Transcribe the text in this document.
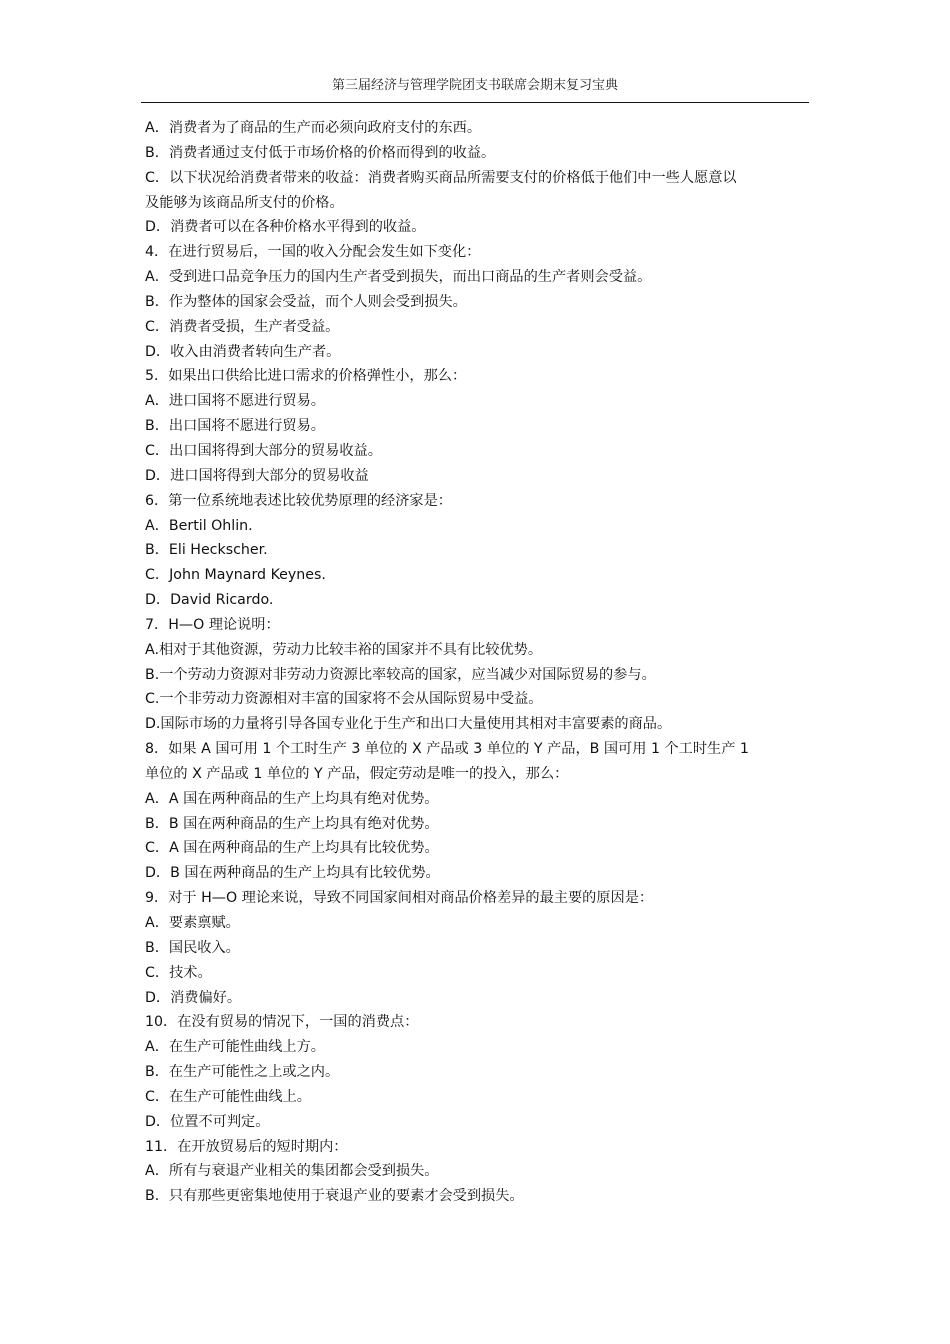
第三届经济与管理学院团支书联席会期末复习宝典
A．消费者为了商品的生产而必须向政府支付的东西。
B．消费者通过支付低于市场价格的价格而得到的收益。
C．以下状况给消费者带来的收益：消费者购买商品所需要支付的价格低于他们中一些人愿意以
及能够为该商品所支付的价格。
D．消费者可以在各种价格水平得到的收益。
4．在进行贸易后，一国的收入分配会发生如下变化：
A．受到进口品竞争压力的国内生产者受到损失，而出口商品的生产者则会受益。
B．作为整体的国家会受益，而个人则会受到损失。
C．消费者受损，生产者受益。
D．收入由消费者转向生产者。
5．如果出口供给比进口需求的价格弹性小，那么：
A．进口国将不愿进行贸易。
B．出口国将不愿进行贸易。
C．出口国将得到大部分的贸易收益。
D．进口国将得到大部分的贸易收益
6．第一位系统地表述比较优势原理的经济家是：
A．Bertil Ohlin.
B．Eli Heckscher.
C．John Maynard Keynes.
D．David Ricardo.
7．H—O 理论说明：
A.相对于其他资源，劳动力比较丰裕的国家并不具有比较优势。
B.一个劳动力资源对非劳动力资源比率较高的国家，应当减少对国际贸易的参与。
C.一个非劳动力资源相对丰富的国家将不会从国际贸易中受益。
D.国际市场的力量将引导各国专业化于生产和出口大量使用其相对丰富要素的商品。
8．如果 A 国可用 1 个工时生产 3 单位的 X 产品或 3 单位的 Y 产品，B 国可用 1 个工时生产 1
单位的 X 产品或 1 单位的 Y 产品，假定劳动是唯一的投入，那么：
A．A 国在两种商品的生产上均具有绝对优势。
B．B 国在两种商品的生产上均具有绝对优势。
C．A 国在两种商品的生产上均具有比较优势。
D．B 国在两种商品的生产上均具有比较优势。
9．对于 H—O 理论来说，导致不同国家间相对商品价格差异的最主要的原因是：
A．要素禀赋。
B．国民收入。
C．技术。
D．消费偏好。
10．在没有贸易的情况下，一国的消费点：
A．在生产可能性曲线上方。
B．在生产可能性之上或之内。
C．在生产可能性曲线上。
D．位置不可判定。
11．在开放贸易后的短时期内：
A．所有与衰退产业相关的集团都会受到损失。
B．只有那些更密集地使用于衰退产业的要素才会受到损失。
